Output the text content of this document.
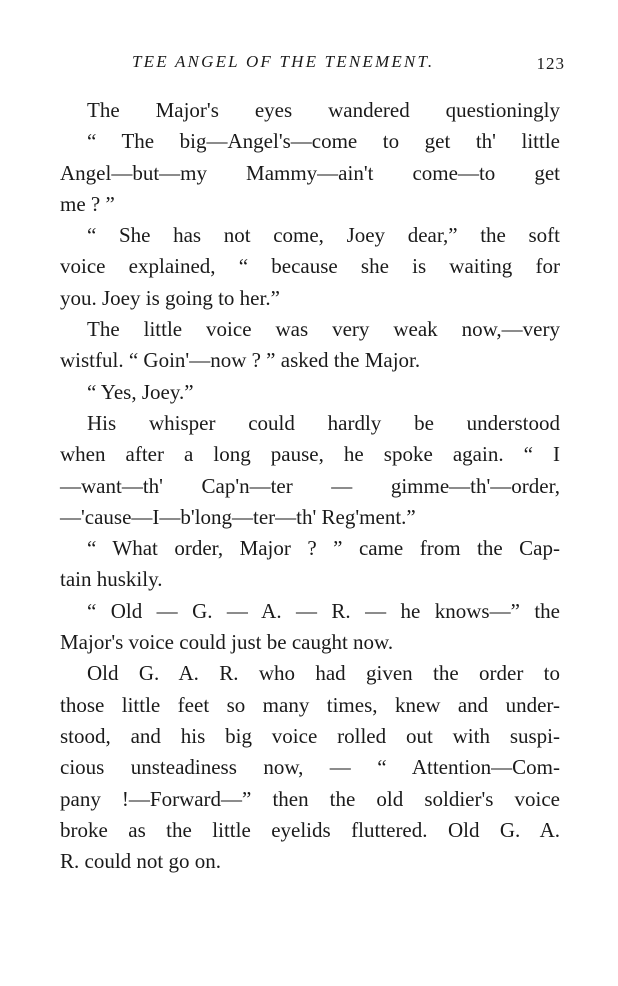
TEE ANGEL OF THE TENEMENT.	123
The Major's eyes wandered questioningly
“ The big—Angel's—come to get th' little
Angel—but—my Mammy—ain't come—to get
me ? ”
“ She has not come, Joey dear,” the soft
voice explained, “ because she is waiting for
you. Joey is going to her.”
The little voice was very weak now,—very
wistful. “ Goin'—now ? ” asked the Major.
“ Yes, Joey.”
His whisper could hardly be understood
when after a long pause, he spoke again. “ I
—want—th' Cap'n—ter — gimme—th'—order,
—'cause—I—b'long—ter—th' Reg'ment.”
“ What order, Major ? ” came from the Cap-
tain huskily.
“ Old — G. — A. — R. — he knows—” the
Major's voice could just be caught now.
Old G. A. R. who had given the order to
those little feet so many times, knew and under-
stood, and his big voice rolled out with suspi-
cious unsteadiness now, — “ Attention—Com-
pany !—Forward—” then the old soldier's voice
broke as the little eyelids fluttered. Old G. A.
R. could not go on.
